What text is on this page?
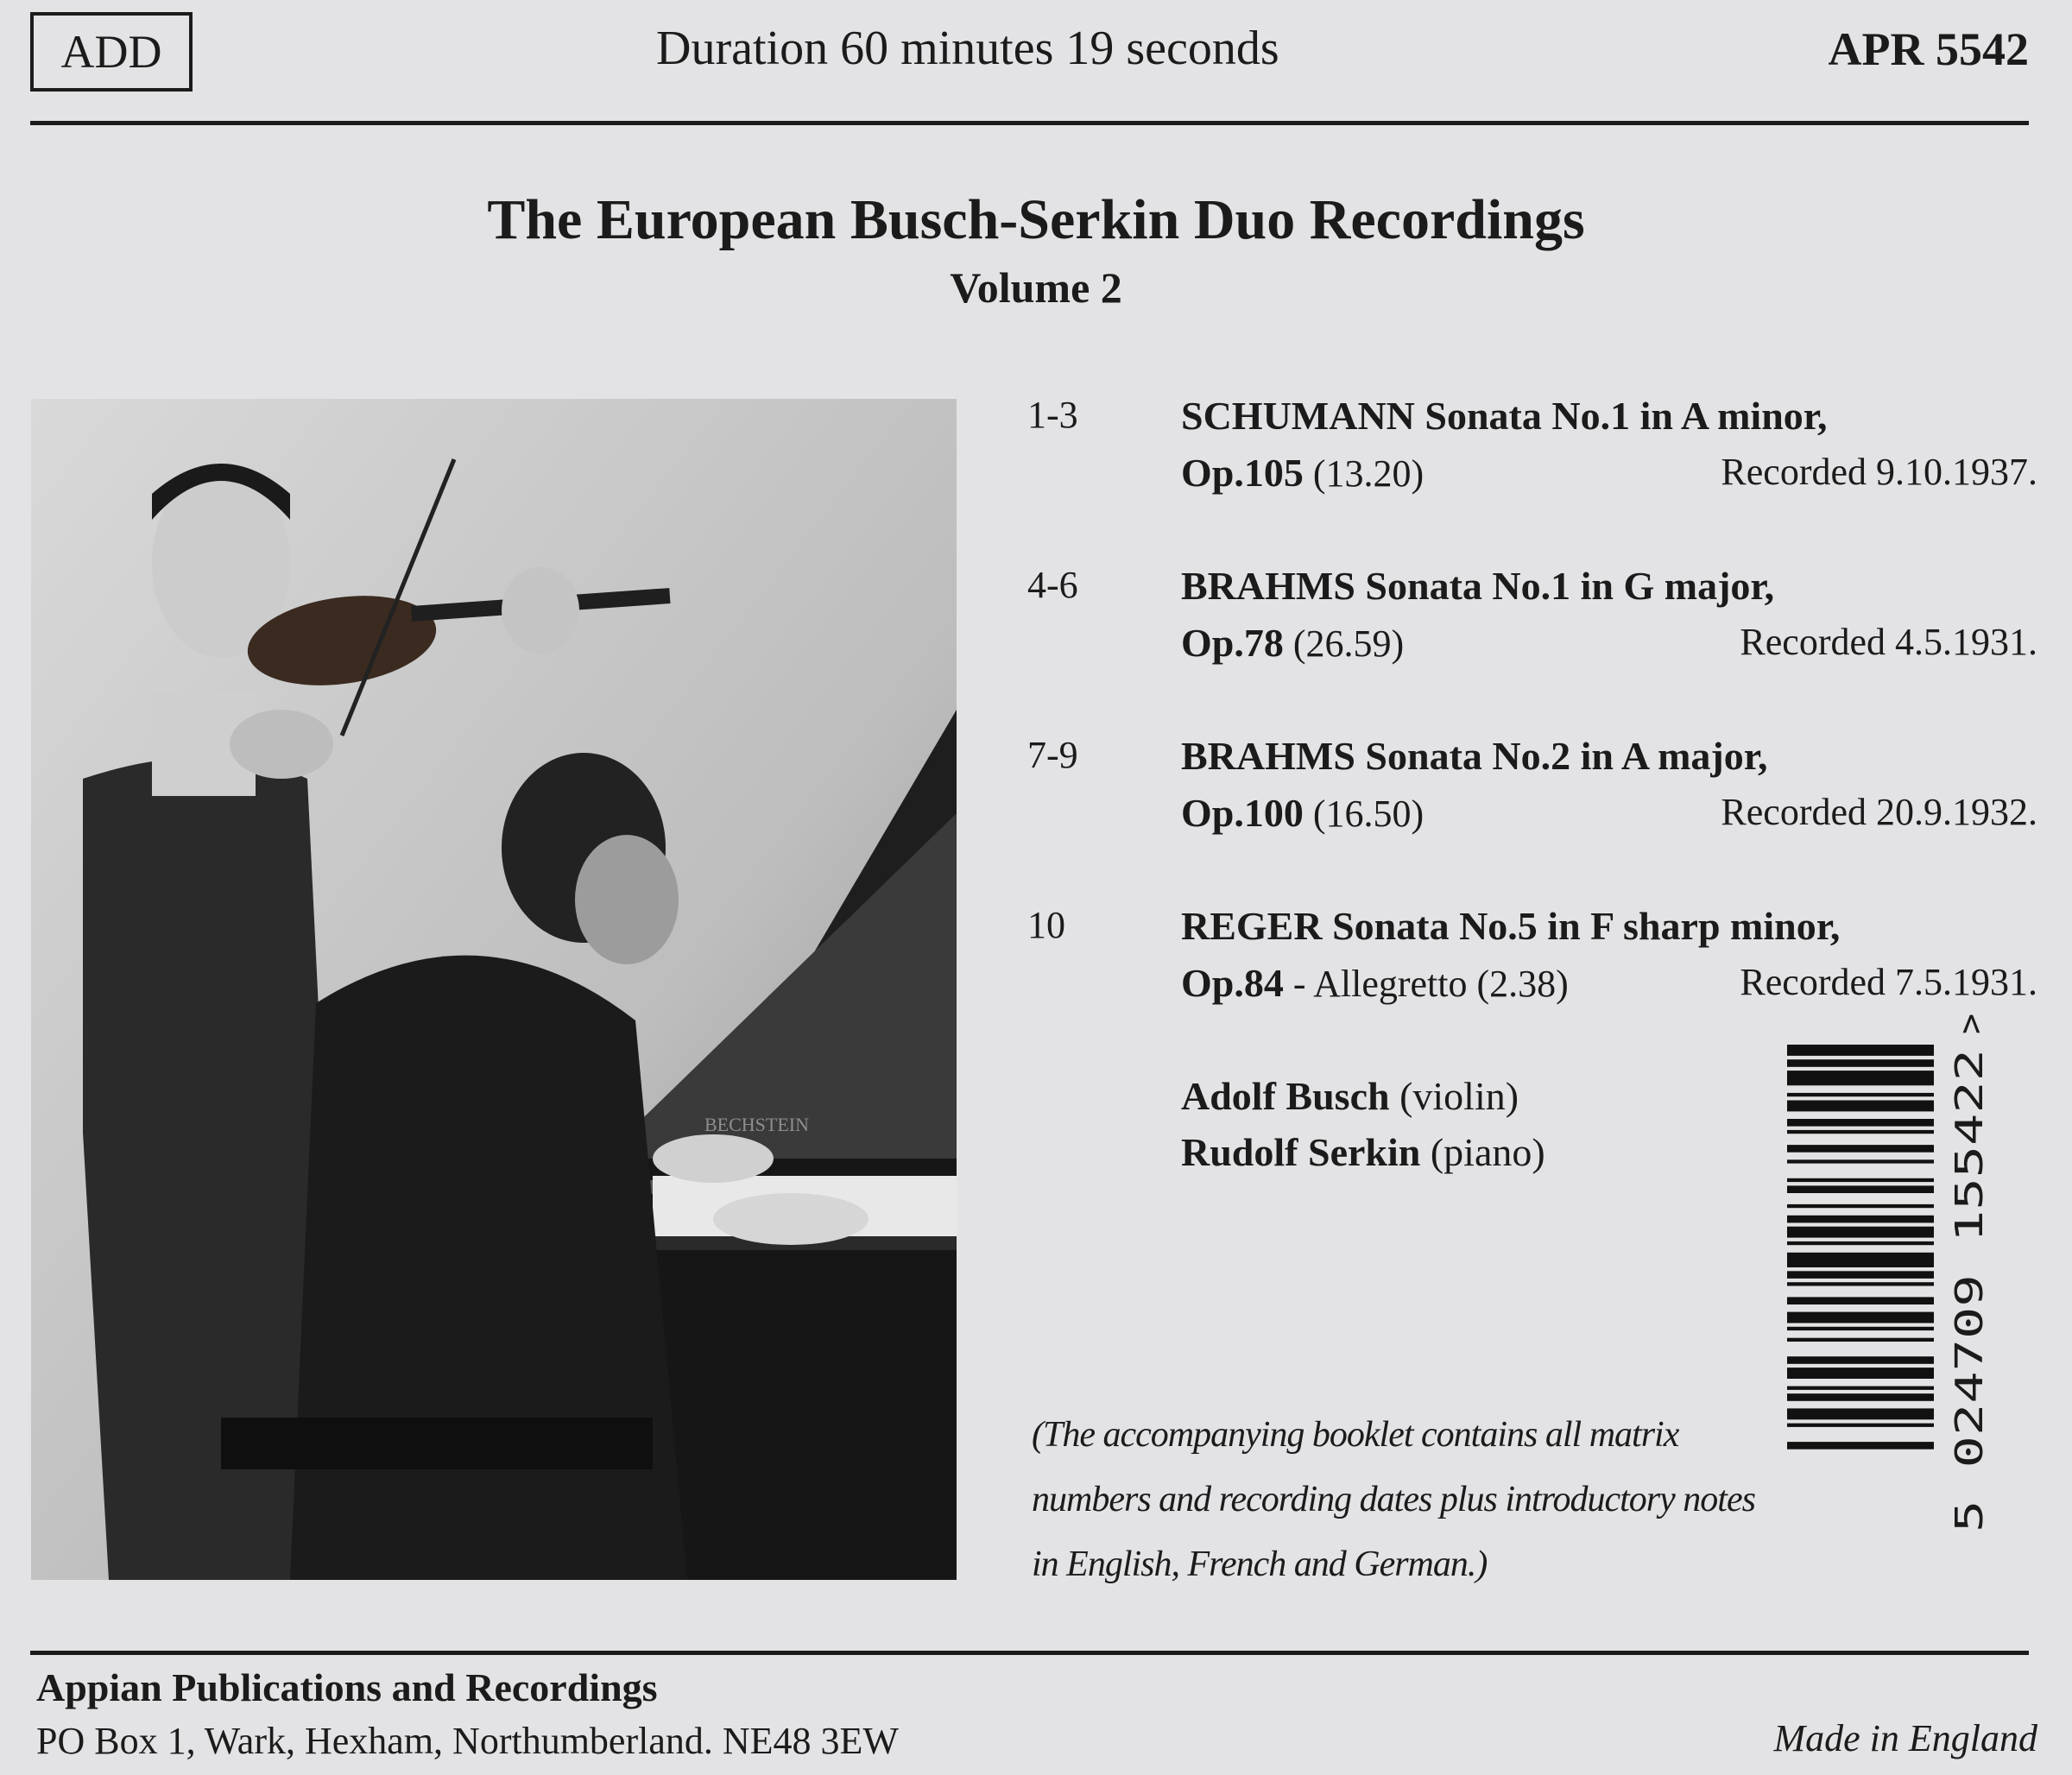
ADD	Duration 60 minutes 19 seconds	APR 5542
The European Busch-Serkin Duo Recordings
Volume 2
BECHSTEIN
1-3	SCHUMANN Sonata No.1 in A minor,
Op.105 (13.20)	Recorded 9.10.1937.
4-6	BRAHMS Sonata No.1 in G major,
Op.78 (26.59)	Recorded 4.5.1931.
7-9	BRAHMS Sonata No.2 in A major,
Op.100 (16.50)	Recorded 20.9.1932.
10	REGER Sonata No.5 in F sharp minor,
Op.84 - Allegretto (2.38)	Recorded 7.5.1931.
Adolf Busch (violin)
Rudolf Serkin (piano)
(The accompanying booklet contains all matrix numbers and recording dates plus introductory notes in English, French and German.)
5 024709 155422
>
Appian Publications and Recordings
PO Box 1, Wark, Hexham, Northumberland. NE48 3EW	Made in England
